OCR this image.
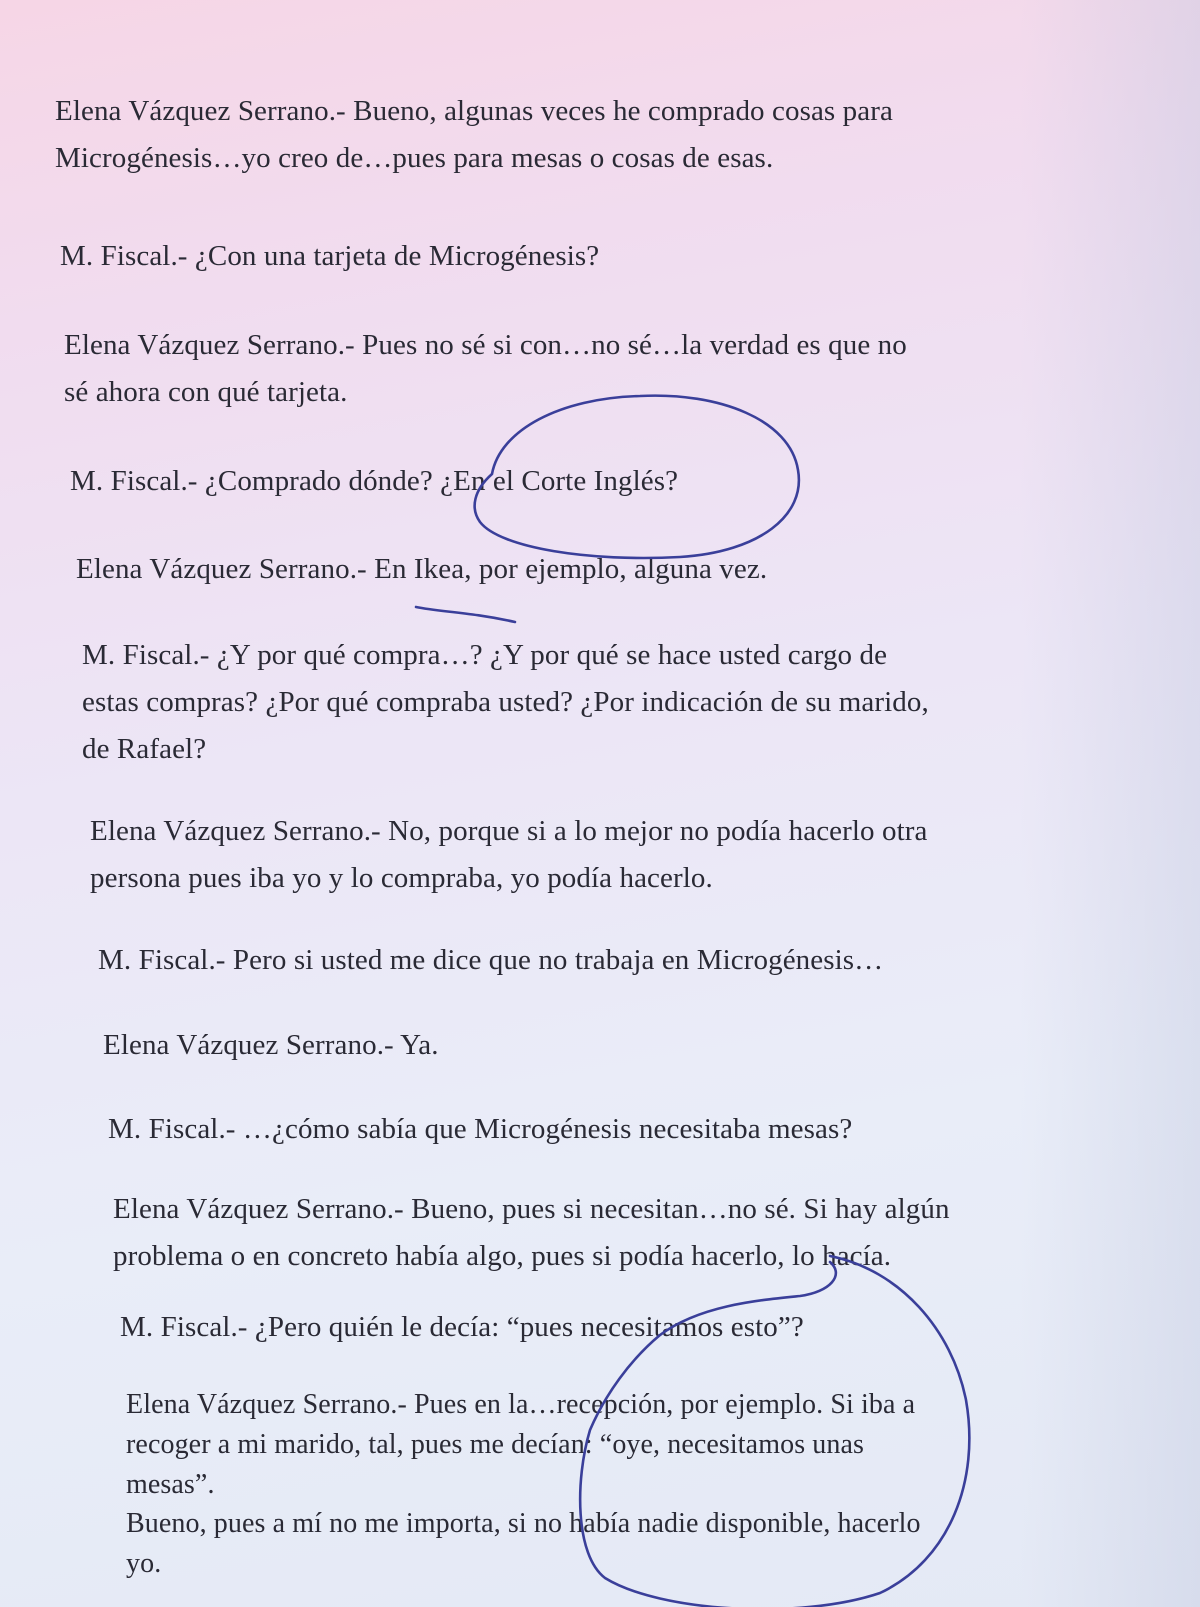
Elena Vázquez Serrano.- Bueno, algunas veces he comprado cosas para
Microgénesis…yo creo de…pues para mesas o cosas de esas.

M. Fiscal.- ¿Con una tarjeta de Microgénesis?

Elena Vázquez Serrano.- Pues no sé si con…no sé…la verdad es que no
sé ahora con qué tarjeta.

M. Fiscal.- ¿Comprado dónde? ¿En el Corte Inglés?

Elena Vázquez Serrano.- En Ikea, por ejemplo, alguna vez.

M. Fiscal.- ¿Y por qué compra…? ¿Y por qué se hace usted cargo de
estas compras? ¿Por qué compraba usted? ¿Por indicación de su marido,
de Rafael?

Elena Vázquez Serrano.- No, porque si a lo mejor no podía hacerlo otra
persona pues iba yo y lo compraba, yo podía hacerlo.

M. Fiscal.- Pero si usted me dice que no trabaja en Microgénesis…

Elena Vázquez Serrano.- Ya.

M. Fiscal.- …¿cómo sabía que Microgénesis necesitaba mesas?

Elena Vázquez Serrano.- Bueno, pues si necesitan…no sé. Si hay algún
problema o en concreto había algo, pues si podía hacerlo, lo hacía.

M. Fiscal.- ¿Pero quién le decía: “pues necesitamos esto”?

Elena Vázquez Serrano.- Pues en la…recepción, por ejemplo. Si iba a
recoger a mi marido, tal, pues me decían: “oye, necesitamos unas
mesas”.
Bueno, pues a mí no me importa, si no había nadie disponible, hacerlo
yo.
